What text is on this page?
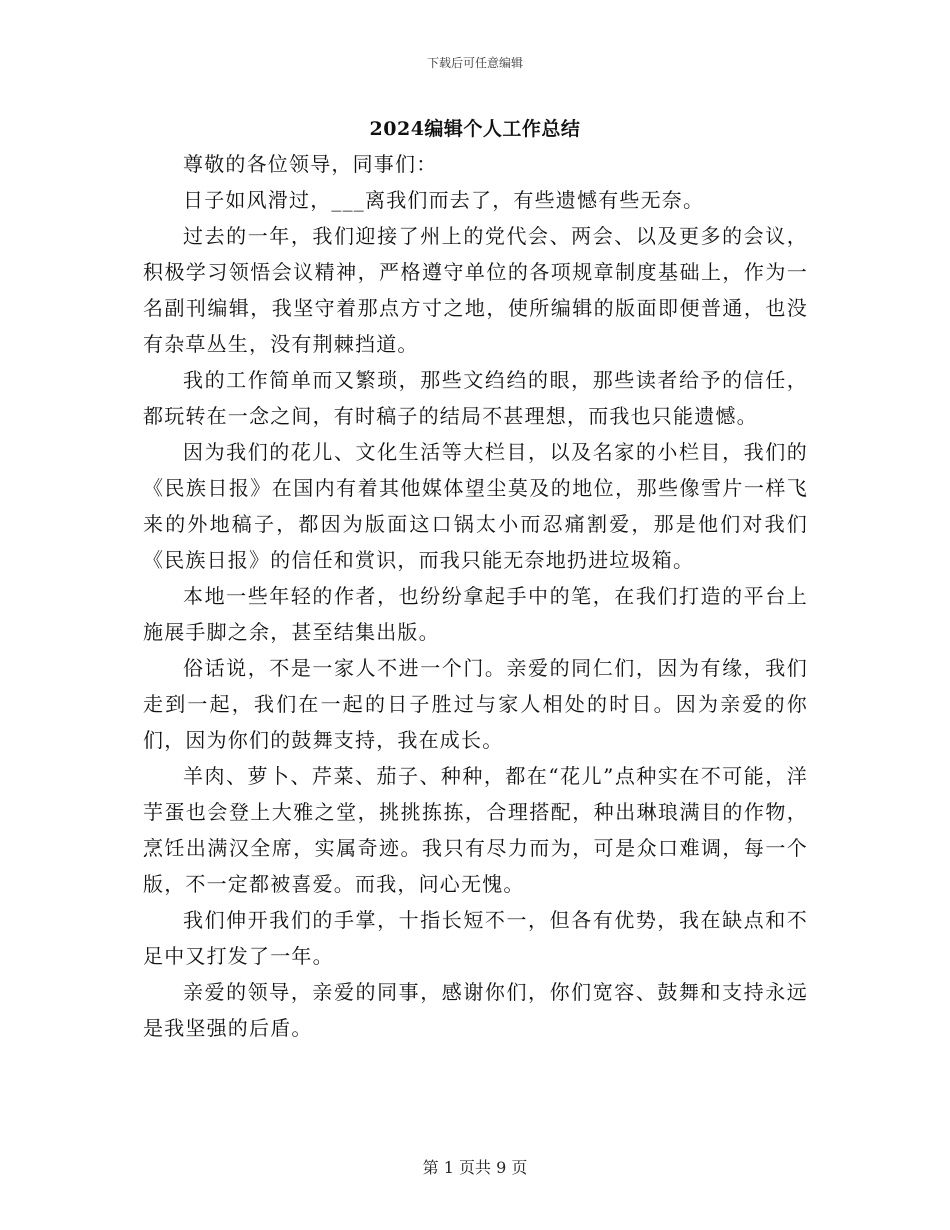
下载后可任意编辑
2024编辑个人工作总结

尊敬的各位领导，同事们：

日子如风滑过，___离我们而去了，有些遗憾有些无奈。

过去的一年，我们迎接了州上的党代会、两会、以及更多的会议，积极学习领悟会议精神，严格遵守单位的各项规章制度基础上，作为一名副刊编辑，我坚守着那点方寸之地，使所编辑的版面即便普通，也没有杂草丛生，没有荆棘挡道。

我的工作简单而又繁琐，那些文绉绉的眼，那些读者给予的信任，都玩转在一念之间，有时稿子的结局不甚理想，而我也只能遗憾。

因为我们的花儿、文化生活等大栏目，以及名家的小栏目，我们的《民族日报》在国内有着其他媒体望尘莫及的地位，那些像雪片一样飞来的外地稿子，都因为版面这口锅太小而忍痛割爱，那是他们对我们《民族日报》的信任和赏识，而我只能无奈地扔进垃圾箱。

本地一些年轻的作者，也纷纷拿起手中的笔，在我们打造的平台上施展手脚之余，甚至结集出版。

俗话说，不是一家人不进一个门。亲爱的同仁们，因为有缘，我们走到一起，我们在一起的日子胜过与家人相处的时日。因为亲爱的你们，因为你们的鼓舞支持，我在成长。

羊肉、萝卜、芹菜、茄子、种种，都在“花儿”点种实在不可能，洋芋蛋也会登上大雅之堂，挑挑拣拣，合理搭配，种出琳琅满目的作物，烹饪出满汉全席，实属奇迹。我只有尽力而为，可是众口难调，每一个版，不一定都被喜爱。而我，问心无愧。

我们伸开我们的手掌，十指长短不一，但各有优势，我在缺点和不足中又打发了一年。

亲爱的领导，亲爱的同事，感谢你们，你们宽容、鼓舞和支持永远是我坚强的后盾。

第 1 页共 9 页
